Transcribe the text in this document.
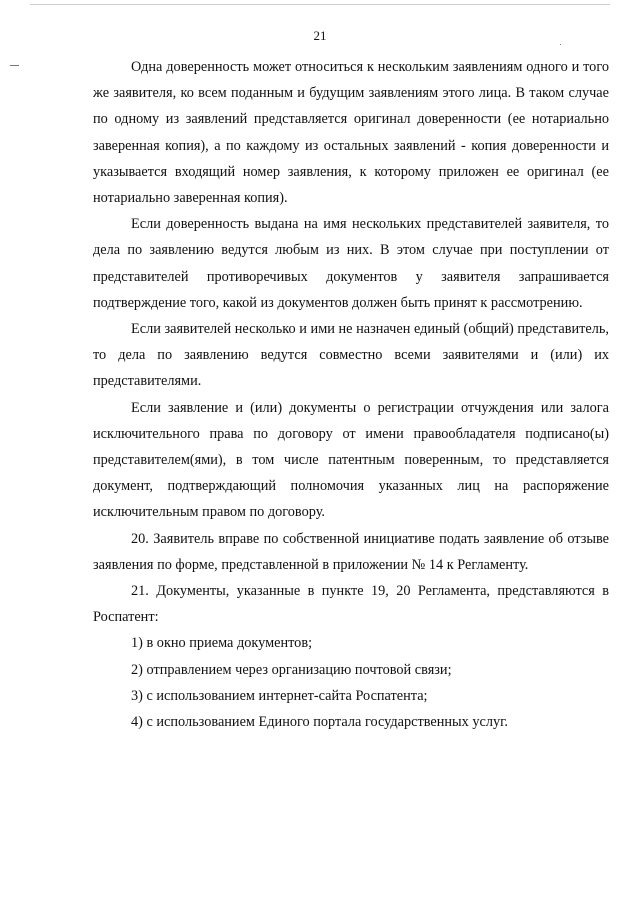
21

Одна доверенность может относиться к нескольким заявлениям одного и того же заявителя, ко всем поданным и будущим заявлениям этого лица. В таком случае по одному из заявлений представляется оригинал доверенности (ее нотариально заверенная копия), а по каждому из остальных заявлений - копия доверенности и указывается входящий номер заявления, к которому приложен ее оригинал (ее нотариально заверенная копия).

Если доверенность выдана на имя нескольких представителей заявителя, то дела по заявлению ведутся любым из них. В этом случае при поступлении от представителей противоречивых документов у заявителя запрашивается подтверждение того, какой из документов должен быть принят к рассмотрению.

Если заявителей несколько и ими не назначен единый (общий) представитель, то дела по заявлению ведутся совместно всеми заявителями и (или) их представителями.

Если заявление и (или) документы о регистрации отчуждения или залога исключительного права по договору от имени правообладателя подписано(ы) представителем(ями), в том числе патентным поверенным, то представляется документ, подтверждающий полномочия указанных лиц на распоряжение исключительным правом по договору.

20. Заявитель вправе по собственной инициативе подать заявление об отзыве заявления по форме, представленной в приложении № 14 к Регламенту.

21. Документы, указанные в пункте 19, 20 Регламента, представляются в Роспатент:

1) в окно приема документов;

2) отправлением через организацию почтовой связи;

3) с использованием интернет-сайта Роспатента;

4) с использованием Единого портала государственных услуг.
